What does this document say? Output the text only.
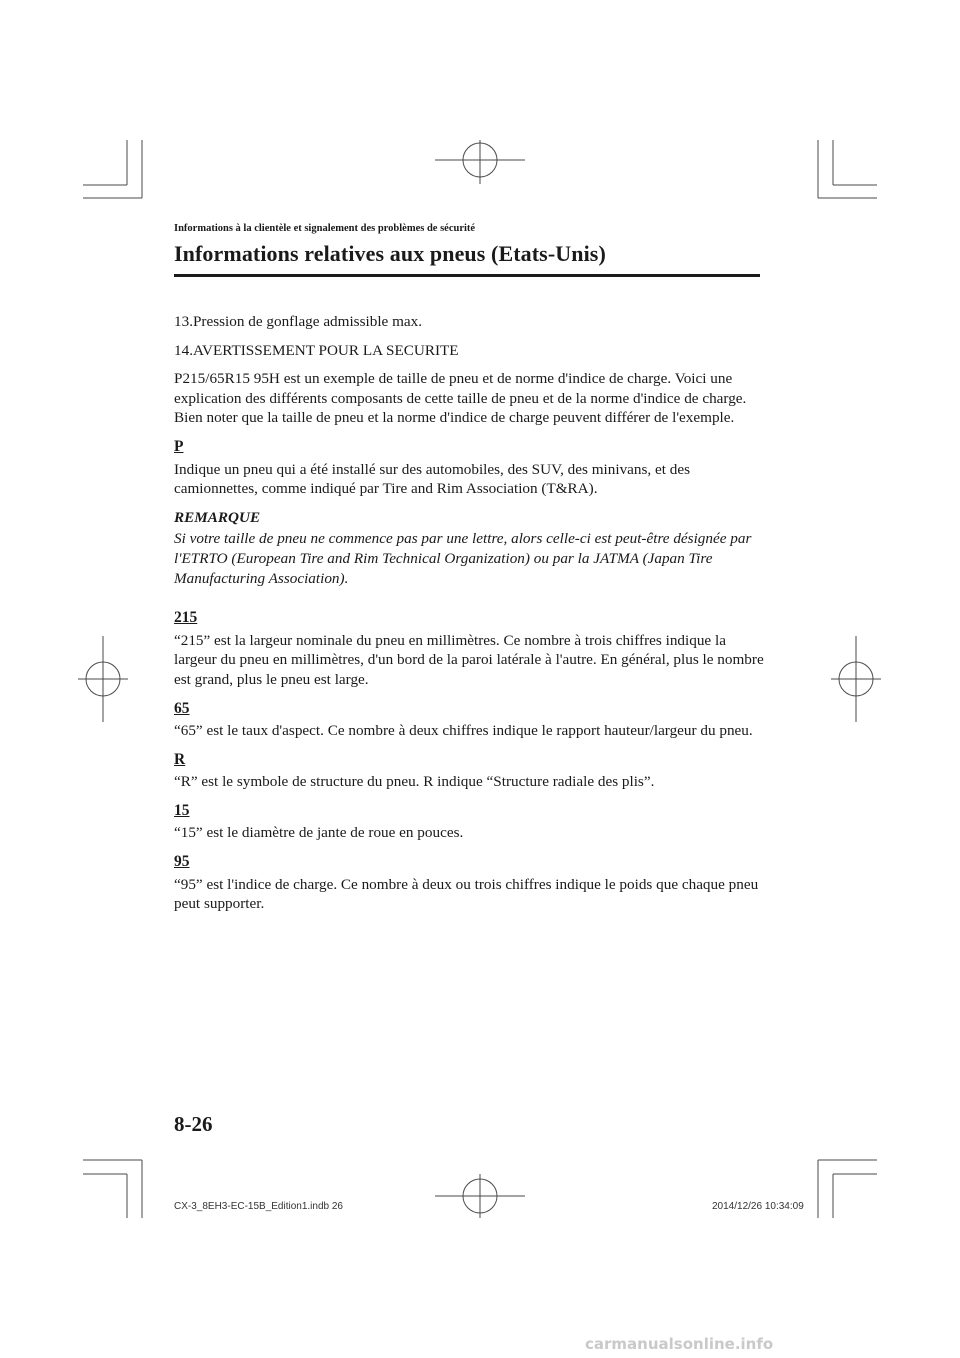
Informations à la clientèle et signalement des problèmes de sécurité
Informations relatives aux pneus (Etats-Unis)

13.Pression de gonflage admissible max.

14.AVERTISSEMENT POUR LA SECURITE

P215/65R15 95H est un exemple de taille de pneu et de norme d'indice de charge. Voici une explication des différents composants de cette taille de pneu et de la norme d'indice de charge. Bien noter que la taille de pneu et la norme d'indice de charge peuvent différer de l'exemple.

P

Indique un pneu qui a été installé sur des automobiles, des SUV, des minivans, et des camionnettes, comme indiqué par Tire and Rim Association (T&RA).

REMARQUE

Si votre taille de pneu ne commence pas par une lettre, alors celle-ci est peut-être désignée par l'ETRTO (European Tire and Rim Technical Organization) ou par la JATMA (Japan Tire Manufacturing Association).

215

“215” est la largeur nominale du pneu en millimètres. Ce nombre à trois chiffres indique la largeur du pneu en millimètres, d'un bord de la paroi latérale à l'autre. En général, plus le nombre est grand, plus le pneu est large.

65

“65” est le taux d'aspect. Ce nombre à deux chiffres indique le rapport hauteur/largeur du pneu.

R

“R” est le symbole de structure du pneu. R indique “Structure radiale des plis”.

15

“15” est le diamètre de jante de roue en pouces.

95

“95” est l'indice de charge. Ce nombre à deux ou trois chiffres indique le poids que chaque pneu peut supporter.

8-26
CX-3_8EH3-EC-15B_Edition1.indb 26	2014/12/26 10:34:09
carmanualsonline.info
